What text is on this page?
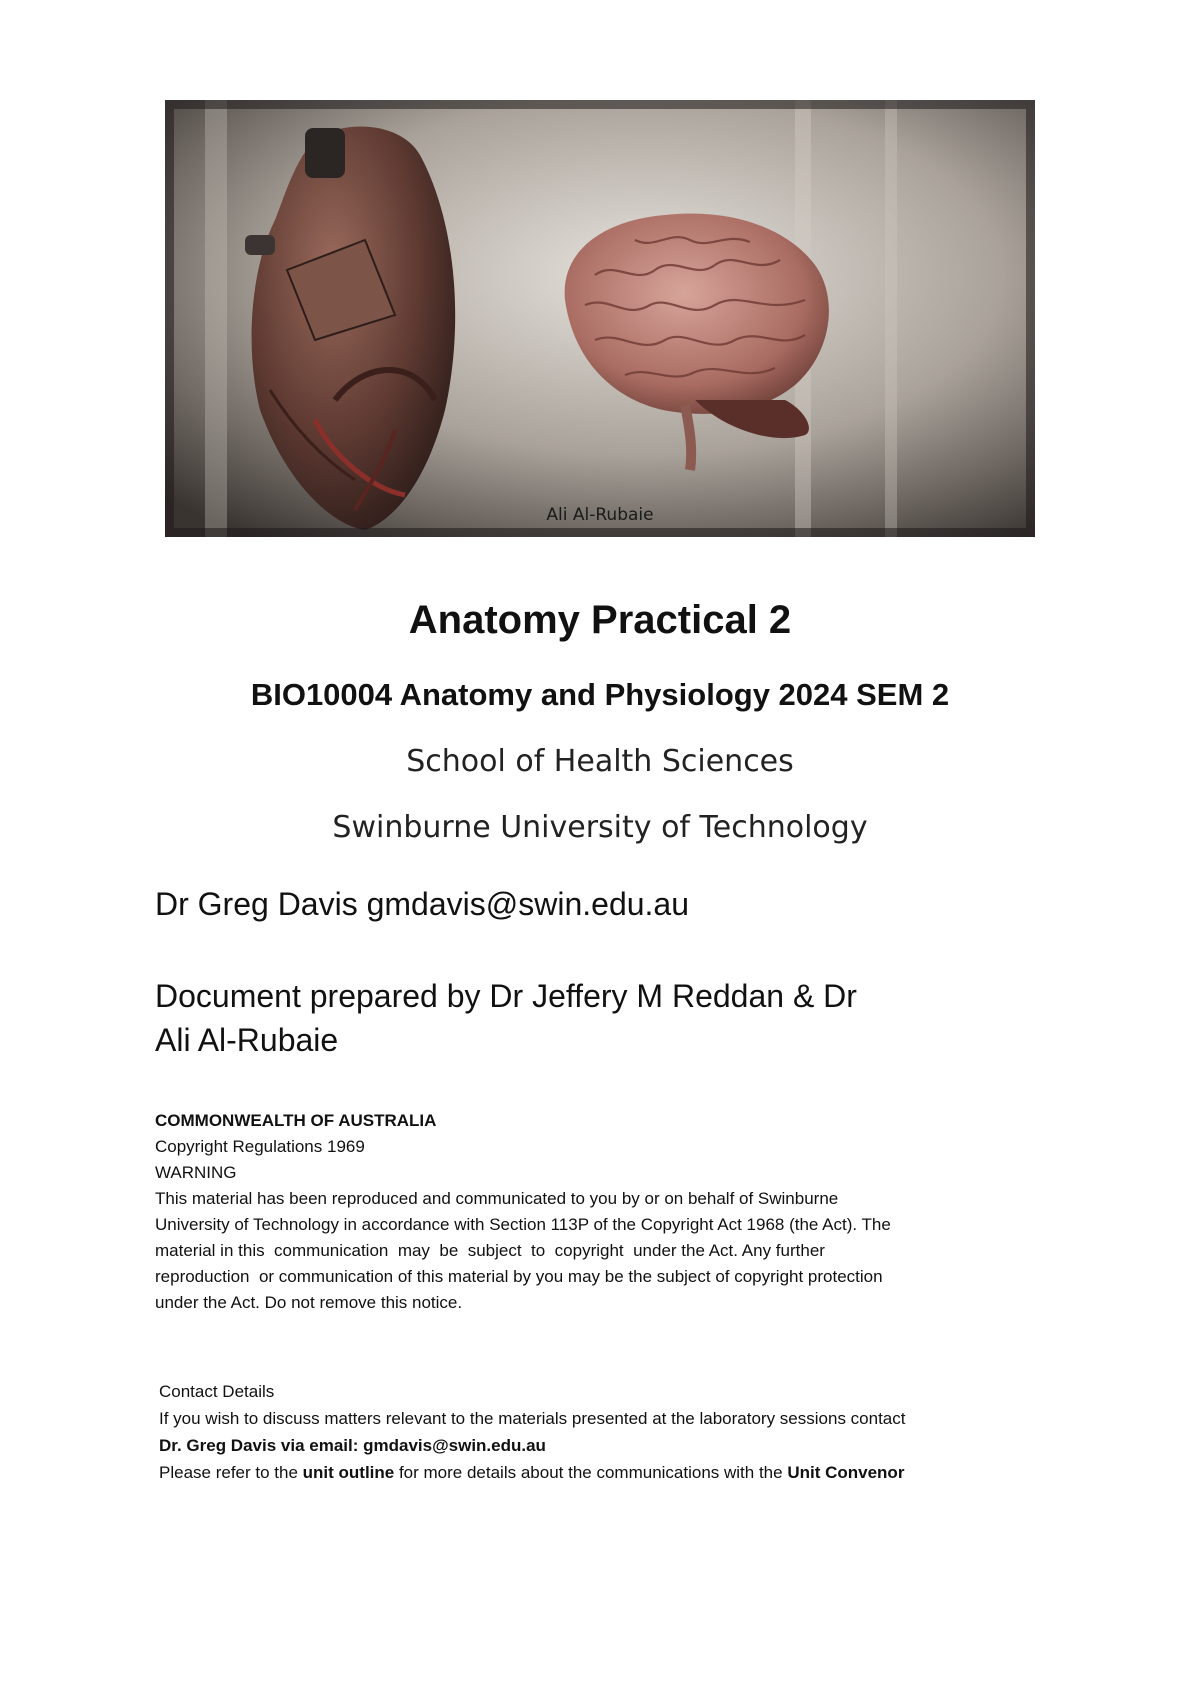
Ali Al-Rubaie
Anatomy Practical 2
BIO10004 Anatomy and Physiology 2024 SEM 2
School of Health Sciences
Swinburne University of Technology
Dr Greg Davis gmdavis@swin.edu.au
Document prepared by Dr Jeffery M Reddan & Dr
Ali Al-Rubaie
COMMONWEALTH OF AUSTRALIA
Copyright Regulations 1969
WARNING
This material has been reproduced and communicated to you by or on behalf of Swinburne
University of Technology in accordance with Section 113P of the Copyright Act 1968 (the Act). The
material in this  communication  may  be  subject  to  copyright  under the Act. Any further
reproduction  or communication of this material by you may be the subject of copyright protection
under the Act. Do not remove this notice.
Contact Details
If you wish to discuss matters relevant to the materials presented at the laboratory sessions contact
Dr. Greg Davis via email: gmdavis@swin.edu.au
Please refer to the unit outline for more details about the communications with the Unit Convenor
